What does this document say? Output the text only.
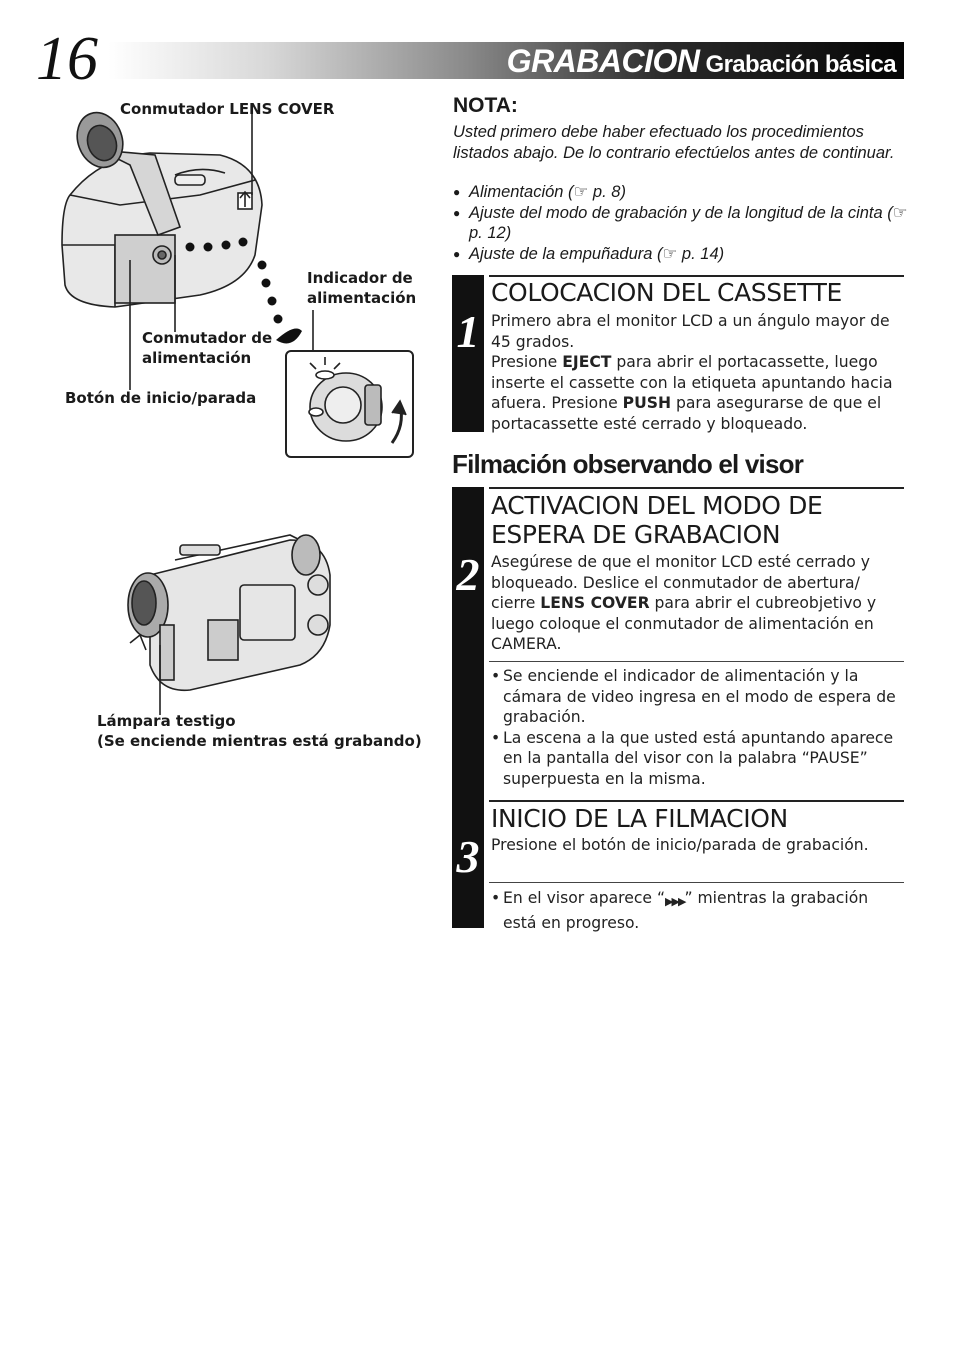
16	GRABACION Grabación básica
Conmutador LENS COVER
Indicador de
alimentación
Conmutador de
alimentación
Botón de inicio/parada
Lámpara testigo
(Se enciende mientras está grabando)
NOTA:
Usted primero debe haber efectuado los procedimientos listados abajo. De lo contrario efectúelos antes de continuar.
● Alimentación (☞ p. 8)
● Ajuste del modo de grabación y de la longitud de la cinta (☞ p. 12)
● Ajuste de la empuñadura (☞ p. 14)
1
COLOCACION DEL CASSETTE
Primero abra el monitor LCD a un ángulo mayor de 45 grados.
Presione EJECT para abrir el portacassette, luego inserte el cassette con la etiqueta apuntando hacia afuera. Presione PUSH para asegurarse de que el portacassette esté cerrado y bloqueado.
Filmación observando el visor
2
ACTIVACION DEL MODO DE
ESPERA DE GRABACION
Asegúrese de que el monitor LCD esté cerrado y bloqueado. Deslice el conmutador de abertura/ cierre LENS COVER para abrir el cubreobjetivo y luego coloque el conmutador de alimentación en CAMERA.
• Se enciende el indicador de alimentación y la cámara de video ingresa en el modo de espera de grabación.
• La escena a la que usted está apuntando aparece en la pantalla del visor con la palabra “PAUSE” superpuesta en la misma.
3
INICIO DE LA FILMACION
Presione el botón de inicio/parada de grabación.
• En el visor aparece “▶▶▶” mientras la grabación está en progreso.
